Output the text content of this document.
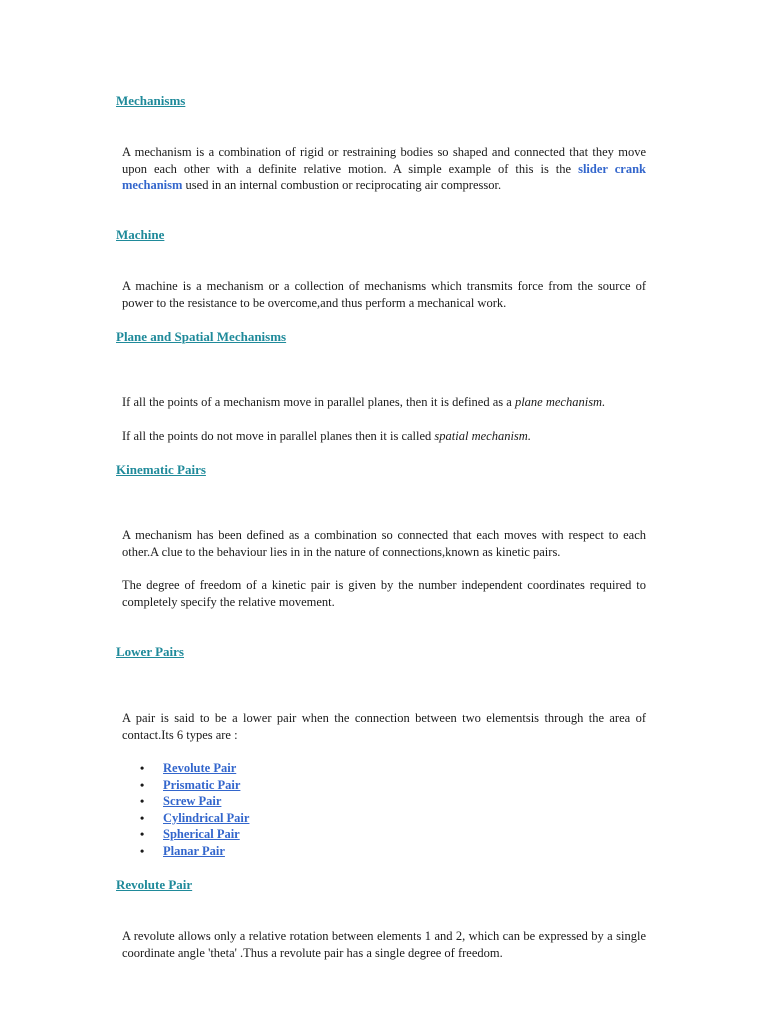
Mechanisms

A mechanism is a combination of rigid or restraining bodies so shaped and connected that they move upon each other with a definite relative motion. A simple example of this is the slider crank mechanism used in an internal combustion or reciprocating air compressor.

Machine

A machine is a mechanism or a collection of mechanisms which transmits force from the source of power to the resistance to be overcome,and thus perform a mechanical work.

Plane and Spatial Mechanisms

If all the points of a mechanism move in parallel planes, then it is defined as a plane mechanism.

If all the points do not move in parallel planes then it is called spatial mechanism.

Kinematic Pairs

A mechanism has been defined as a combination so connected that each moves with respect to each other.A clue to the behaviour lies in in the nature of connections,known as kinetic pairs.

The degree of freedom of a kinetic pair is given by the number independent coordinates required to completely specify the relative movement.

Lower Pairs

A pair is said to be a lower pair when the connection between two elementsis through the area of contact.Its 6 types are :

• Revolute Pair
• Prismatic Pair
• Screw Pair
• Cylindrical Pair
• Spherical Pair
• Planar Pair
Revolute Pair

A revolute allows only a relative rotation between elements 1 and 2, which can be expressed by a single coordinate angle 'theta' .Thus a revolute pair has a single degree of freedom.
